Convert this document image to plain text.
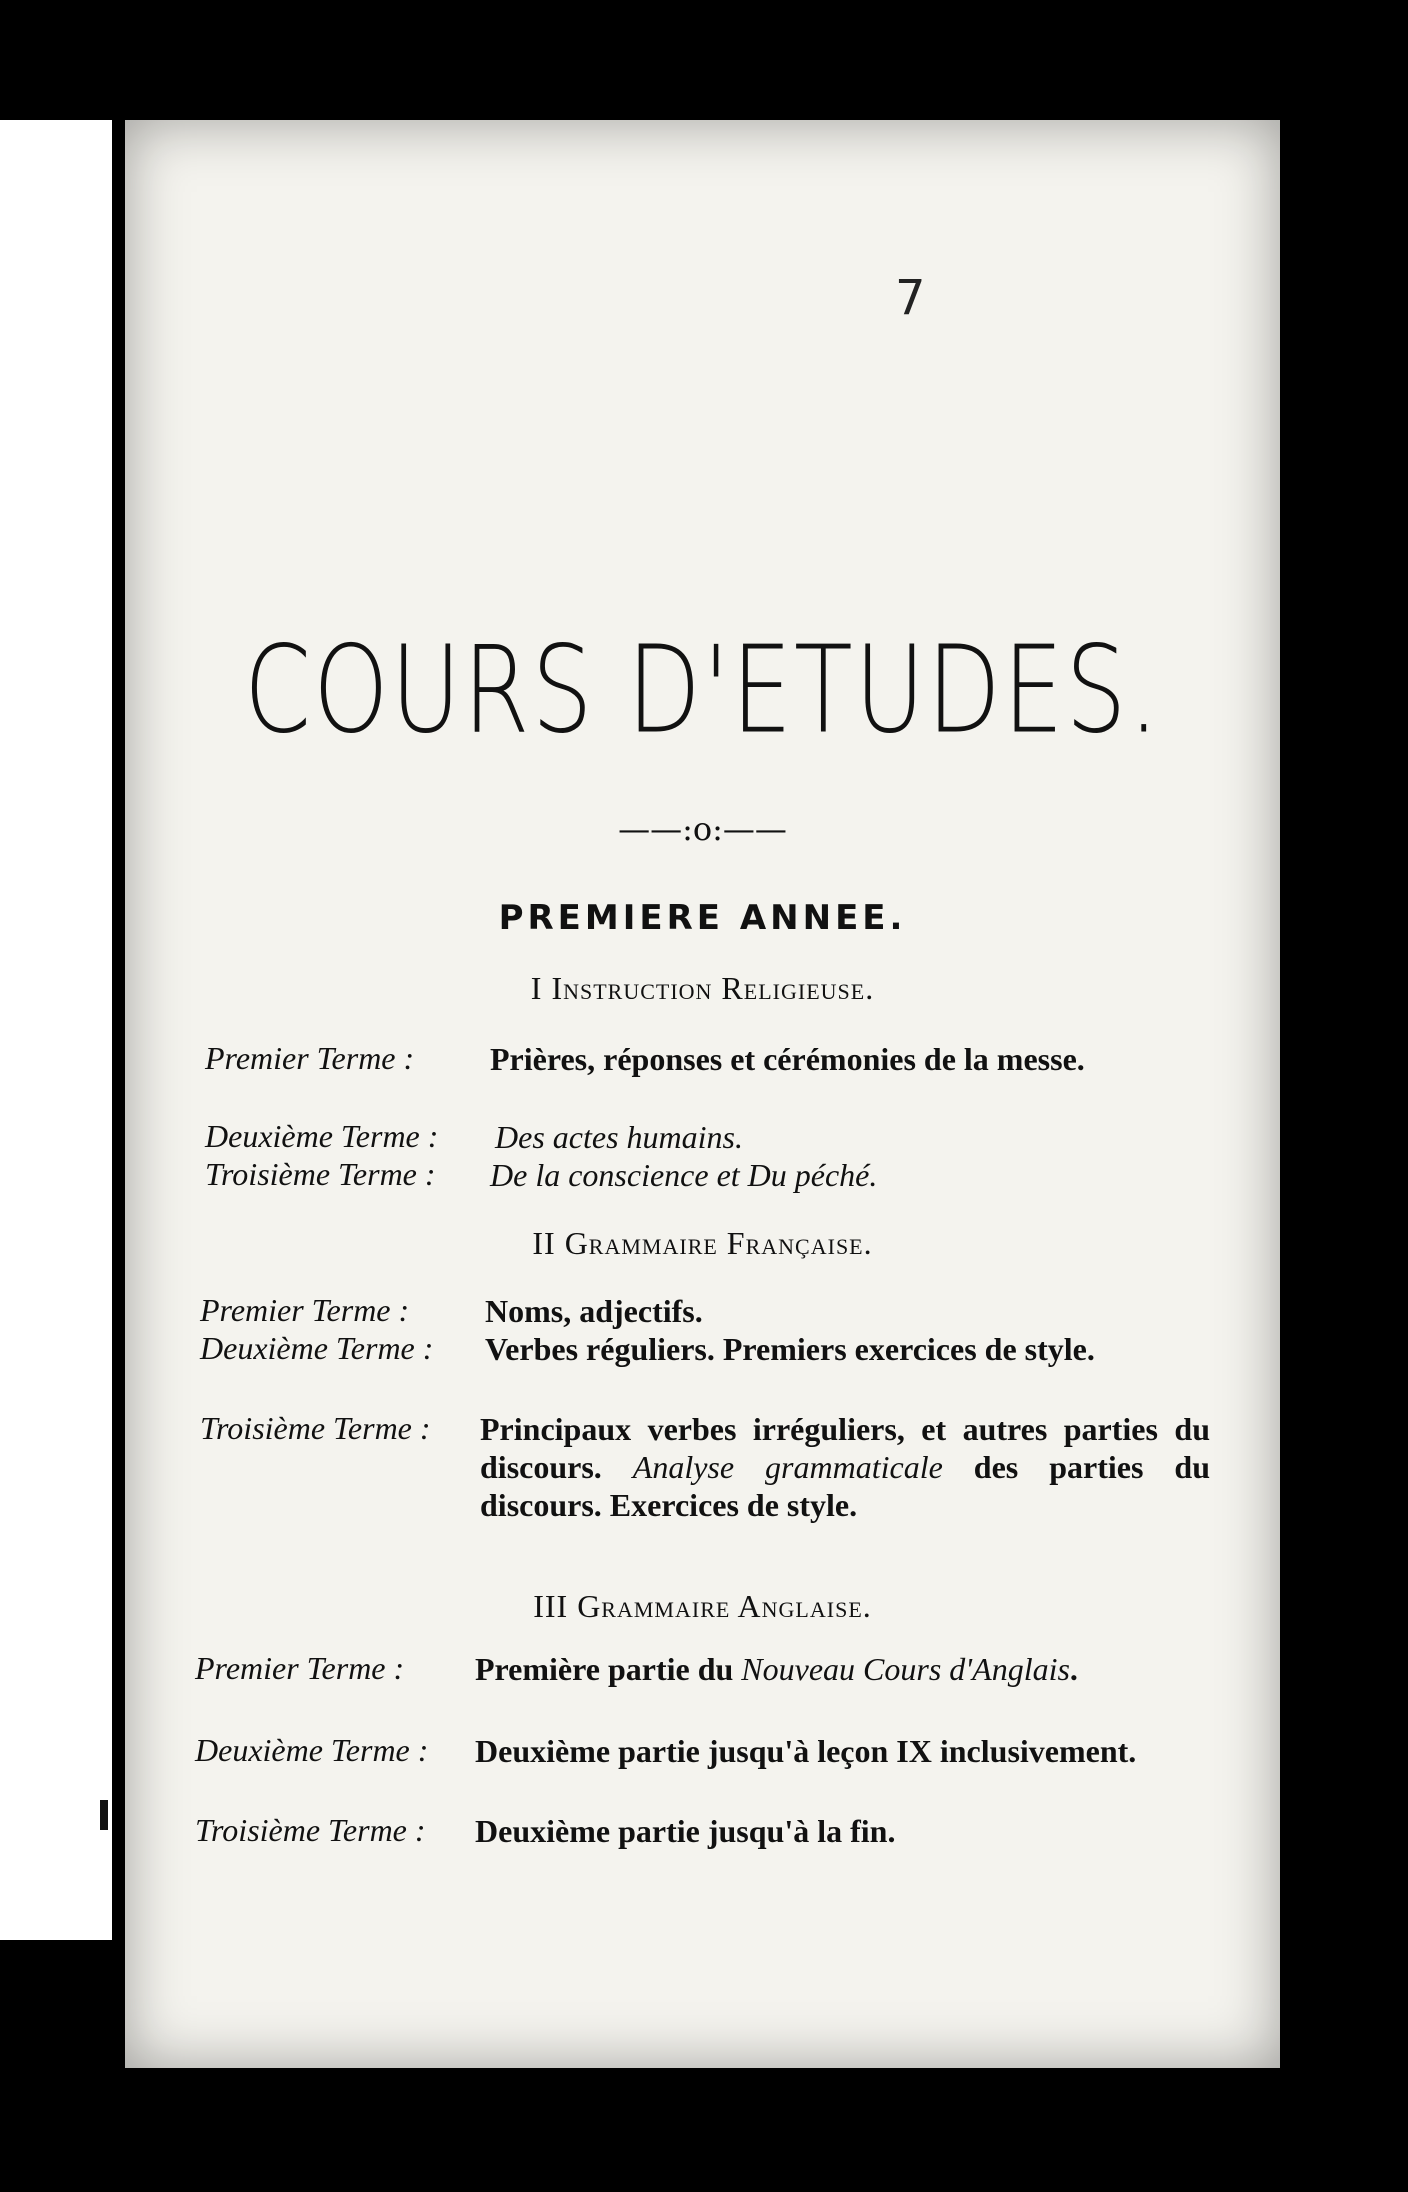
7
COURS D'ETUDES.
——:o:——
PREMIERE ANNEE.
I Instruction Religieuse.
Premier Terme : Prières, réponses et cérémonies de la messe.
Deuxième Terme : Des actes humains.
Troisième Terme : De la conscience et Du péché.
II Grammaire Française.
Premier Terme : Noms, adjectifs.
Deuxième Terme : Verbes réguliers. Premiers exercices de style.
Troisième Terme : Principaux verbes irréguliers, et autres parties du discours. Analyse grammaticale des parties du discours. Exercices de style.
III Grammaire Anglaise.
Premier Terme : Première partie du Nouveau Cours d'Anglais.
Deuxième Terme : Deuxième partie jusqu'à leçon IX inclusivement.
Troisième Terme : Deuxième partie jusqu'à la fin.
